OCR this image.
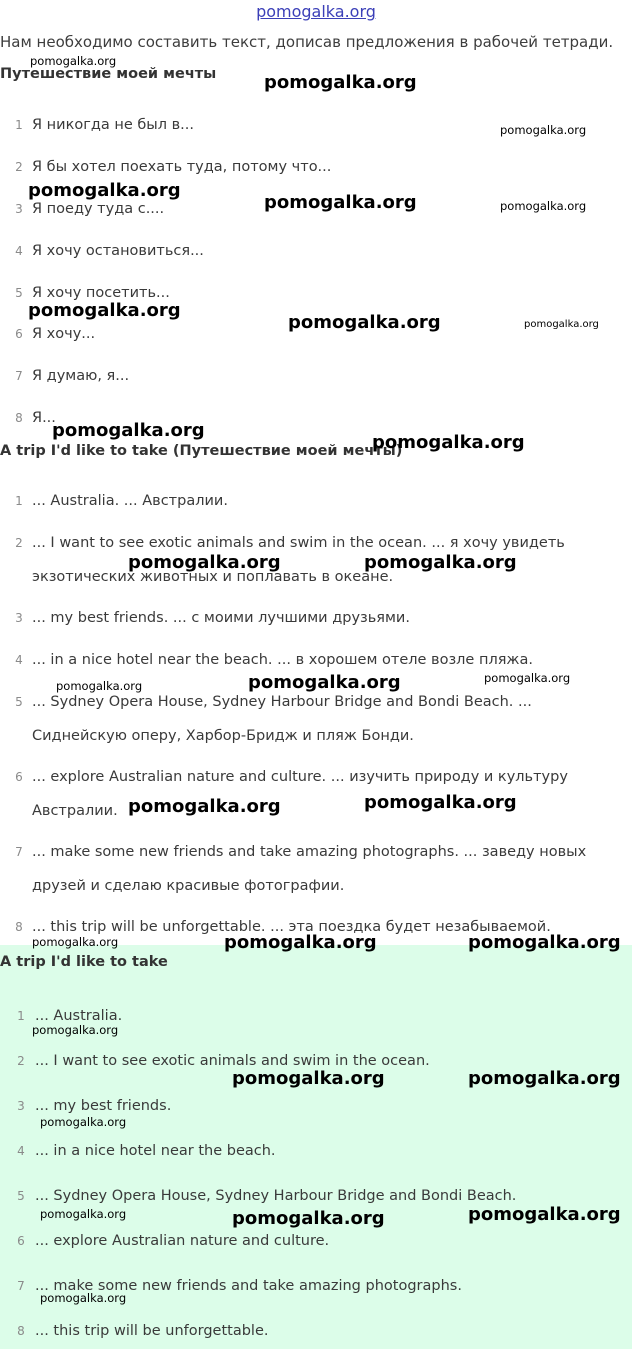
pomogalka.org
Нам необходимо составить текст, дописав предложения в рабочей тетради.
Путешествие моей мечты
1 Я никогда не был в...
2 Я бы хотел поехать туда, потому что...
3 Я поеду туда с....
4 Я хочу остановиться...
5 Я хочу посетить...
6 Я хочу...
7 Я думаю, я...
8 Я...
A trip I'd like to take (Путешествие моей мечты)
1 ... Australia. ... Австралии.
2 ... I want to see exotic animals and swim in the ocean. ... я хочу увидеть экзотических животных и поплавать в океане.
3 ... my best friends. ... с моими лучшими друзьями.
4 ... in a nice hotel near the beach. ... в хорошем отеле возле пляжа.
5 ... Sydney Opera House, Sydney Harbour Bridge and Bondi Beach. ... Сиднейскую оперу, Харбор-Бридж и пляж Бонди.
6 ... explore Australian nature and culture. ... изучить природу и культуру Австралии.
7 ... make some new friends and take amazing photographs. ... заведу новых друзей и сделаю красивые фотографии.
8 ... this trip will be unforgettable. ... эта поездка будет незабываемой.
A trip I'd like to take
1 ... Australia.
2 ... I want to see exotic animals and swim in the ocean.
3 ... my best friends.
4 ... in a nice hotel near the beach.
5 ... Sydney Opera House, Sydney Harbour Bridge and Bondi Beach.
6 ... explore Australian nature and culture.
7 ... make some new friends and take amazing photographs.
8 ... this trip will be unforgettable.
pomogalka.org
pomogalka.org
pomogalka.org
pomogalka.org
pomogalka.org	pomogalka.org
pomogalka.org
pomogalka.org	pomogalka.org
pomogalka.org
pomogalka.org
pomogalka.org	pomogalka.org
pomogalka.org	pomogalka.org	pomogalka.org
pomogalka.org	pomogalka.org
pomogalka.org	pomogalka.org	pomogalka.org
pomogalka.org
pomogalka.org	pomogalka.org
pomogalka.org
pomogalka.org	pomogalka.org	pomogalka.org
pomogalka.org
